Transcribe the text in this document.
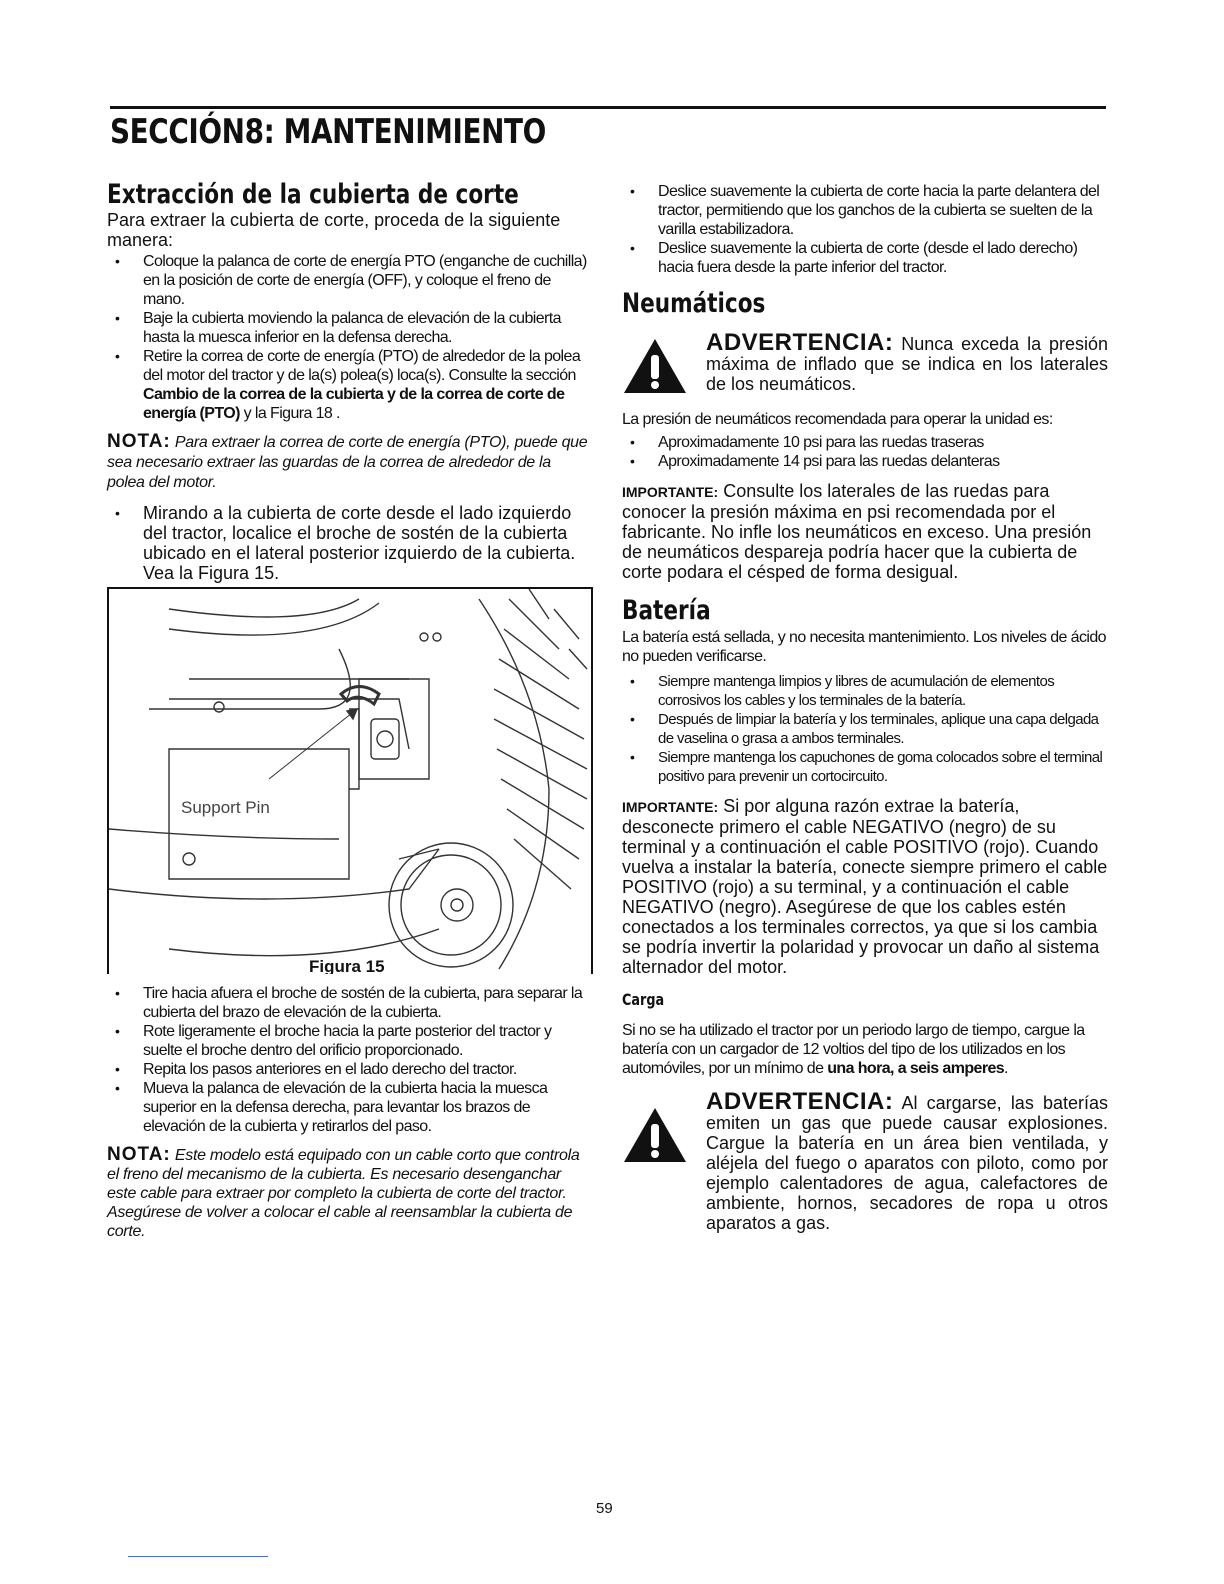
SECCIÓN8: MANTENIMIENTO
Extracción de la cubierta de corte

Para extraer la cubierta de corte, proceda de la siguiente manera:

• Coloque la palanca de corte de energía PTO (enganche de cuchilla) en la posición de corte de energía (OFF), y coloque el freno de mano.
• Baje la cubierta moviendo la palanca de elevación de la cubierta hasta la muesca inferior en la defensa derecha.
• Retire la correa de corte de energía (PTO) de alrededor de la polea del motor del tractor y de la(s) polea(s) loca(s). Consulte la sección Cambio de la correa de la cubierta y de la correa de corte de energía (PTO) y la Figura 18 .

NOTA: Para extraer la correa de corte de energía (PTO), puede que sea necesario extraer las guardas de la correa de alrededor de la polea del motor.

• Mirando a la cubierta de corte desde el lado izquierdo del tractor, localice el broche de sostén de la cubierta ubicado en el lateral posterior izquierdo de la cubierta. Vea la Figura 15.
Support Pin
Figura 15
• Tire hacia afuera el broche de sostén de la cubierta, para separar la cubierta del brazo de elevación de la cubierta.
• Rote ligeramente el broche hacia la parte posterior del tractor y suelte el broche dentro del orificio proporcionado.
• Repita los pasos anteriores en el lado derecho del tractor.
• Mueva la palanca de elevación de la cubierta hacia la muesca superior en la defensa derecha, para levantar los brazos de elevación de la cubierta y retirarlos del paso.

NOTA: Este modelo está equipado con un cable corto que controla el freno del mecanismo de la cubierta. Es necesario desenganchar este cable para extraer por completo la cubierta de corte del tractor. Asegúrese de volver a colocar el cable al reensamblar la cubierta de corte.

• Deslice suavemente la cubierta de corte hacia la parte delantera del tractor, permitiendo que los ganchos de la cubierta se suelten de la varilla estabilizadora.
• Deslice suavemente la cubierta de corte (desde el lado derecho) hacia fuera desde la parte inferior del tractor.
Neumáticos

ADVERTENCIA: Nunca exceda la presión máxima de inflado que se indica en los laterales de los neumáticos.

La presión de neumáticos recomendada para operar la unidad es:

• Aproximadamente 10 psi para las ruedas traseras
• Aproximadamente 14 psi para las ruedas delanteras

IMPORTANTE: Consulte los laterales de las ruedas para conocer la presión máxima en psi recomendada por el fabricante. No infle los neumáticos en exceso. Una presión de neumáticos despareja podría hacer que la cubierta de corte podara el césped de forma desigual.

Batería

La batería está sellada, y no necesita mantenimiento. Los niveles de ácido no pueden verificarse.

• Siempre mantenga limpios y libres de acumulación de elementos corrosivos los cables y los terminales de la batería.
• Después de limpiar la batería y los terminales, aplique una capa delgada de vaselina o grasa a ambos terminales.
• Siempre mantenga los capuchones de goma colocados sobre el terminal positivo para prevenir un cortocircuito.

IMPORTANTE: Si por alguna razón extrae la batería, desconecte primero el cable NEGATIVO (negro) de su terminal y a continuación el cable POSITIVO (rojo). Cuando vuelva a instalar la batería, conecte siempre primero el cable POSITIVO (rojo) a su terminal, y a continuación el cable NEGATIVO (negro). Asegúrese de que los cables estén conectados a los terminales correctos, ya que si los cambia se podría invertir la polaridad y provocar un daño al sistema alternador del motor.

Carga

Si no se ha utilizado el tractor por un periodo largo de tiempo, cargue la batería con un cargador de 12 voltios del tipo de los utilizados en los automóviles, por un mínimo de una hora, a seis amperes.

ADVERTENCIA: Al cargarse, las baterías emiten un gas que puede causar explosiones. Cargue la batería en un área bien ventilada, y aléjela del fuego o aparatos con piloto, como por ejemplo calentadores de agua, calefactores de ambiente, hornos, secadores de ropa u otros aparatos a gas.

59
